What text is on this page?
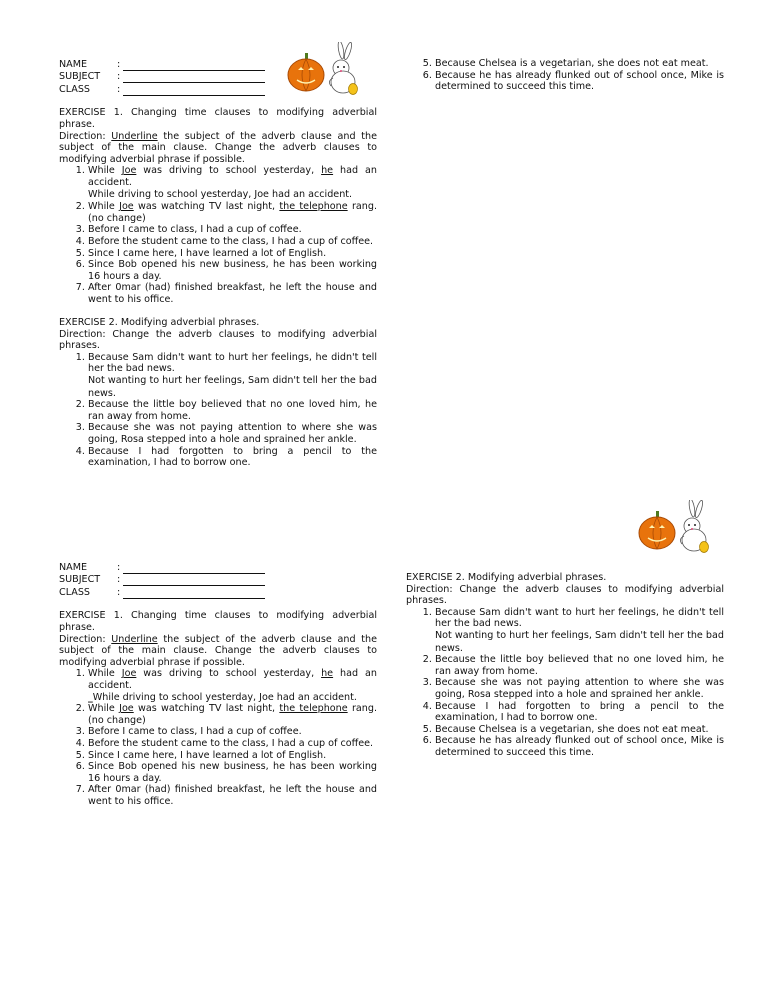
NAME	:	
SUBJECT	:	
CLASS	:	

EXERCISE 1. Changing time clauses to modifying adverbial phrase.

Direction: Underline the subject of the adverb clause and the subject of the main clause. Change the adverb clauses to modifying adverbial phrase if possible.

1. While Joe was driving to school yesterday, he had an accident.
While driving to school yesterday, Joe had an accident.
2. While Joe was watching TV last night, the telephone rang. (no change)
3. Before I came to class, I had a cup of coffee.
4. Before the student came to the class, I had a cup of coffee.
5. Since I came here, I have learned a lot of English.
6. Since Bob opened his new business, he has been working 16 hours a day.
7. After 0mar (had) finished breakfast, he left the house and went to his office.

EXERCISE 2. Modifying adverbial phrases.

Direction: Change the adverb clauses to modifying adverbial phrases.

1. Because Sam didn't want to hurt her feelings, he didn't tell her the bad news.
Not wanting to hurt her feelings, Sam didn't tell her the bad news.
2. Because the little boy believed that no one loved him, he ran away from home.
3. Because she was not paying attention to where she was going, Rosa stepped into a hole and sprained her ankle.
4. Because I had forgotten to bring a pencil to the examination, I had to borrow one.
5. Because Chelsea is a vegetarian, she does not eat meat.
6. Because he has already flunked out of school once, Mike is determined to succeed this time.
NAME	:	
SUBJECT	:	
CLASS	:	

EXERCISE 1. Changing time clauses to modifying adverbial phrase.

Direction: Underline the subject of the adverb clause and the subject of the main clause. Change the adverb clauses to modifying adverbial phrase if possible.

1. While Joe was driving to school yesterday, he had an accident.
_While driving to school yesterday, Joe had an accident.
2. While Joe was watching TV last night, the telephone rang. (no change)
3. Before I came to class, I had a cup of coffee.
4. Before the student came to the class, I had a cup of coffee.
5. Since I came here, I have learned a lot of English.
6. Since Bob opened his new business, he has been working 16 hours a day.
7. After 0mar (had) finished breakfast, he left the house and went to his office.

EXERCISE 2. Modifying adverbial phrases.

Direction: Change the adverb clauses to modifying adverbial phrases.

1. Because Sam didn't want to hurt her feelings, he didn't tell her the bad news.
Not wanting to hurt her feelings, Sam didn't tell her the bad news.
2. Because the little boy believed that no one loved him, he ran away from home.
3. Because she was not paying attention to where she was going, Rosa stepped into a hole and sprained her ankle.
4. Because I had forgotten to bring a pencil to the examination, I had to borrow one.
5. Because Chelsea is a vegetarian, she does not eat meat.
6. Because he has already flunked out of school once, Mike is determined to succeed this time.
